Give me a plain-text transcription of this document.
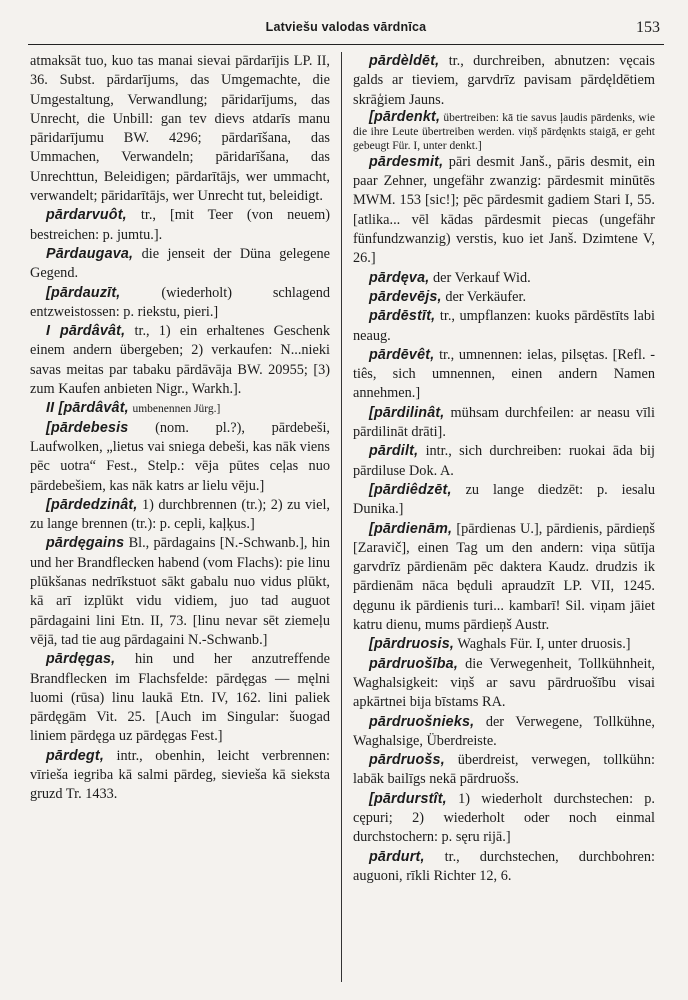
Latviešu valodas vārdnīca	153

atmaksāt tuo, kuo tas manai sievai pārdarījis LP. II, 36. Subst. pārdarījums, das Umgemachte, die Umgestaltung, Verwandlung; pāridarījums, das Unrecht, die Unbill: gan tev dievs atdarīs manu pāridarījumu BW. 4296; pārdarīšana, das Ummachen, Verwandeln; pāridarīšana, das Unrechttun, Beleidigen; pārdarītājs, wer ummacht, verwandelt; pāridarītājs, wer Unrecht tut, beleidigt.

pārdarvuôt, tr., [mit Teer (von neuem) bestreichen: p. jumtu.].

Pārdaugava, die jenseit der Düna gelegene Gegend.

[pārdauzīt,	(wiederholt) schlagend entzweistossen: p. riekstu, pieri.]

I pārdâvât, tr., 1) ein erhaltenes Geschenk einem andern übergeben; 2) verkaufen: N...nieki savas meitas par tabaku pārdāvāja BW. 20955; [3) zum Kaufen anbieten Nigr., Warkh.].

II [pārdâvât, umbenennen Jürg.]

[pārdebesis (nom. pl.?), pārdebeši, Laufwolken, „lietus vai sniega debeši, kas nāk viens pēc uotra“ Fest., Stelp.: vēja pūtes ceļas nuo pārdebešiem, kas nāk katrs ar lielu vēju.]

[pārdedzinât, 1) durchbrennen (tr.); 2) zu viel, zu lange brennen (tr.): p. cepli, kaļķus.]

pārdęgains Bl., pārdagains [N.-Schwanb.], hin und her Brandflecken habend (vom Flachs): pie linu plūkšanas nedrīkstuot sākt gabalu nuo vidus plūkt, kā arī izplūkt vidu vidiem, juo tad auguot pārdagaini lini Etn. II, 73. [linu nevar sēt ziemeļu vējā, tad tie aug pārdagaini N.-Schwanb.]

pārdęgas, hin und her anzutreffende Brandflecken im Flachsfelde: pārdęgas — męlni luomi (rūsa) linu laukā Etn. IV, 162. lini paliek pārdęgām Vit. 25. [Auch im Singular: šuogad liniem pārdęga uz pārdęgas Fest.]

pārdegt, intr., obenhin, leicht verbrennen: vīrieša iegriba kā salmi pārdeg, sievieša kā sieksta gruzd Tr. 1433.

pārdèldēt, tr., durchreiben, abnutzen: vęcais galds ar tieviem, garvdrīz pavisam pārdęldētiem skrāģiem Jauns.

[pārdenkt, übertreiben: kā tie savus ļaudis pārdenks, wie die ihre Leute übertreiben werden. viņš pārdęnkts staigā, er geht gebeugt Für. I, unter denkt.]

pārdesmit, pāri desmit Janš., pāris desmit, ein paar Zehner, ungefähr zwanzig: pārdesmit minūtēs MWM. 153 [sic!]; pēc pārdesmit gadiem Stari I, 55. [atlika... vēl kādas pārdesmit piecas (ungefähr fünfundzwanzig) verstis, kuo iet Janš. Dzimtene V, 26.]

pārdęva, der Verkauf Wid.

pārdevējs, der Verkäufer.

pārdēstīt, tr., umpflanzen: kuoks pārdēstīts labi neaug.

pārdēvêt, tr., umnennen: ielas, pilsętas. [Refl. -tiês, sich umnennen, einen andern Namen annehmen.]

[pārdilinât, mühsam durchfeilen: ar neasu vīli pārdilināt drāti].

pārdilt, intr., sich durchreiben: ruokai āda bij pārdiluse Dok. A.

[pārdiêdzēt, zu lange diedzēt: p. iesalu Dunika.]

[pārdienām, [pārdienas U.], pārdienis, pārdieņš [Zaravič], einen Tag um den andern: viņa sūtīja garvdrīz pārdienām pēc daktera Kaudz. drudzis ik pārdienām nāca będuli apraudzīt LP. VII, 1245. dęgunu ik pārdienis turi... kambarī! Sil. viņam jāiet katru dienu, mums pārdieņš Austr.

[pārdruosis, Waghals Für. I, unter druosis.]

pārdruošība, die Verwegenheit, Tollkühnheit, Waghalsigkeit: viņš ar savu pārdruošību visai apkārtnei bija bīstams RA.

pārdruošnieks, der Verwegene, Tollkühne, Waghalsige, Überdreiste.

pārdruošs, überdreist, verwegen, tollkühn: labāk bailīgs nekā pārdruošs.

[pārdurstît, 1) wiederholt durchstechen: p. cępuri; 2) wiederholt oder noch einmal durchstochern: p. sęru rijā.]

pārdurt, tr., durchstechen, durchbohren: auguoni, rīkli Richter 12, 6.
